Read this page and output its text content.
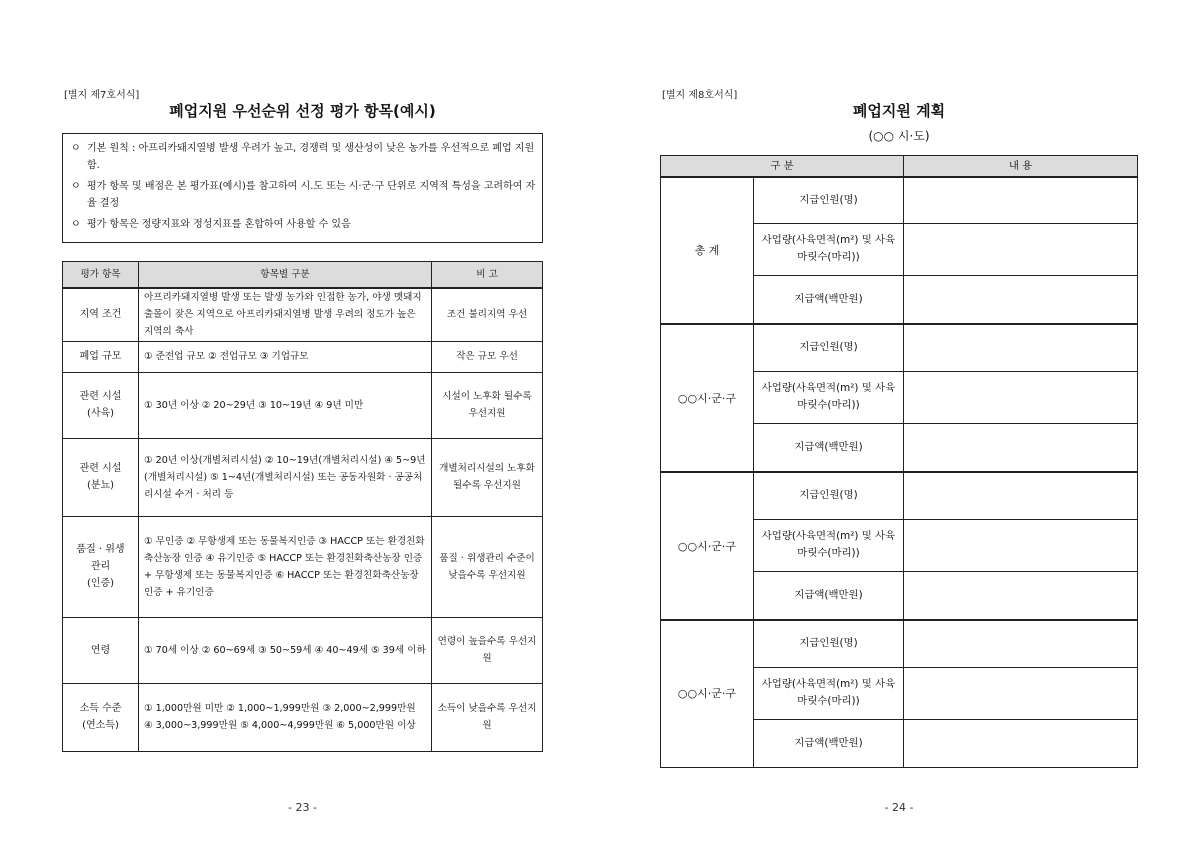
[별지 제7호서식]
폐업지원 우선순위 선정 평가 항목(예시)
ㅇ 기본 원칙 : 아프리카돼지열병 발생 우려가 높고, 경쟁력 및 생산성이 낮은 농가를 우선적으로 폐업 지원함.
ㅇ 평가 항목 및 배점은 본 평가표(예시)를 참고하여 시.도 또는 시·군·구 단위로 지역적 특성을 고려하여 자율 결정
ㅇ 평가 항목은 정량지표와 정성지표를 혼합하여 사용할 수 있음
평가 항목	항목별 구분	비 고
지역 조건	아프리카돼지열병 발생 또는 발생 농가와 인접한 농가, 야생 멧돼지 출몰이 잦은 지역으로 아프리카돼지열병 발생 우려의 정도가 높은 지역의 축사	조건 불리지역 우선
폐업 규모	① 준전업 규모 ② 전업규모 ③ 기업규모	작은 규모 우선
관련 시설
(사육)	① 30년 이상 ② 20~29년 ③ 10~19년 ④ 9년 미만	시설이 노후화 될수록 우선지원
관련 시설
(분뇨)	① 20년 이상(개별처리시설) ② 10~19년(개별처리시설) ④ 5~9년(개별처리시설) ⑤ 1~4년(개별처리시설) 또는 공동자원화 · 공공처리시설 수거 · 처리 등	개별처리시설의 노후화 될수록 우선지원
품질 · 위생
관리
(인증)	① 무인증 ② 무항생제 또는 동물복지인증 ③ HACCP 또는 환경친화축산농장 인증 ④ 유기인증 ⑤ HACCP 또는 환경친화축산농장 인증 + 무항생제 또는 동물복지인증 ⑥ HACCP 또는 환경친화축산농장 인증 + 유기인증	품질 · 위생관리 수준이 낮을수록 우선지원
연령	① 70세 이상 ② 60~69세 ③ 50~59세 ④ 40~49세 ⑤ 39세 이하	연령이 높을수록 우선지원
소득 수준
(연소득)	① 1,000만원 미만 ② 1,000~1,999만원 ③ 2,000~2,999만원 ④ 3,000~3,999만원 ⑤ 4,000~4,999만원 ⑥ 5,000만원 이상	소득이 낮을수록 우선지원
- 23 -
[별지 제8호서식]
폐업지원 계획
(○○ 시·도)
구 분		내 용
총 계	지급인원(명)	
	사업량(사육면적(m²) 및 사육마릿수(마리))	
	지급액(백만원)	
○○시·군·구	지급인원(명)	
	사업량(사육면적(m²) 및 사육마릿수(마리))	
	지급액(백만원)	
○○시·군·구	지급인원(명)	
	사업량(사육면적(m²) 및 사육마릿수(마리))	
	지급액(백만원)	
○○시·군·구	지급인원(명)	
	사업량(사육면적(m²) 및 사육마릿수(마리))	
	지급액(백만원)	
- 24 -
